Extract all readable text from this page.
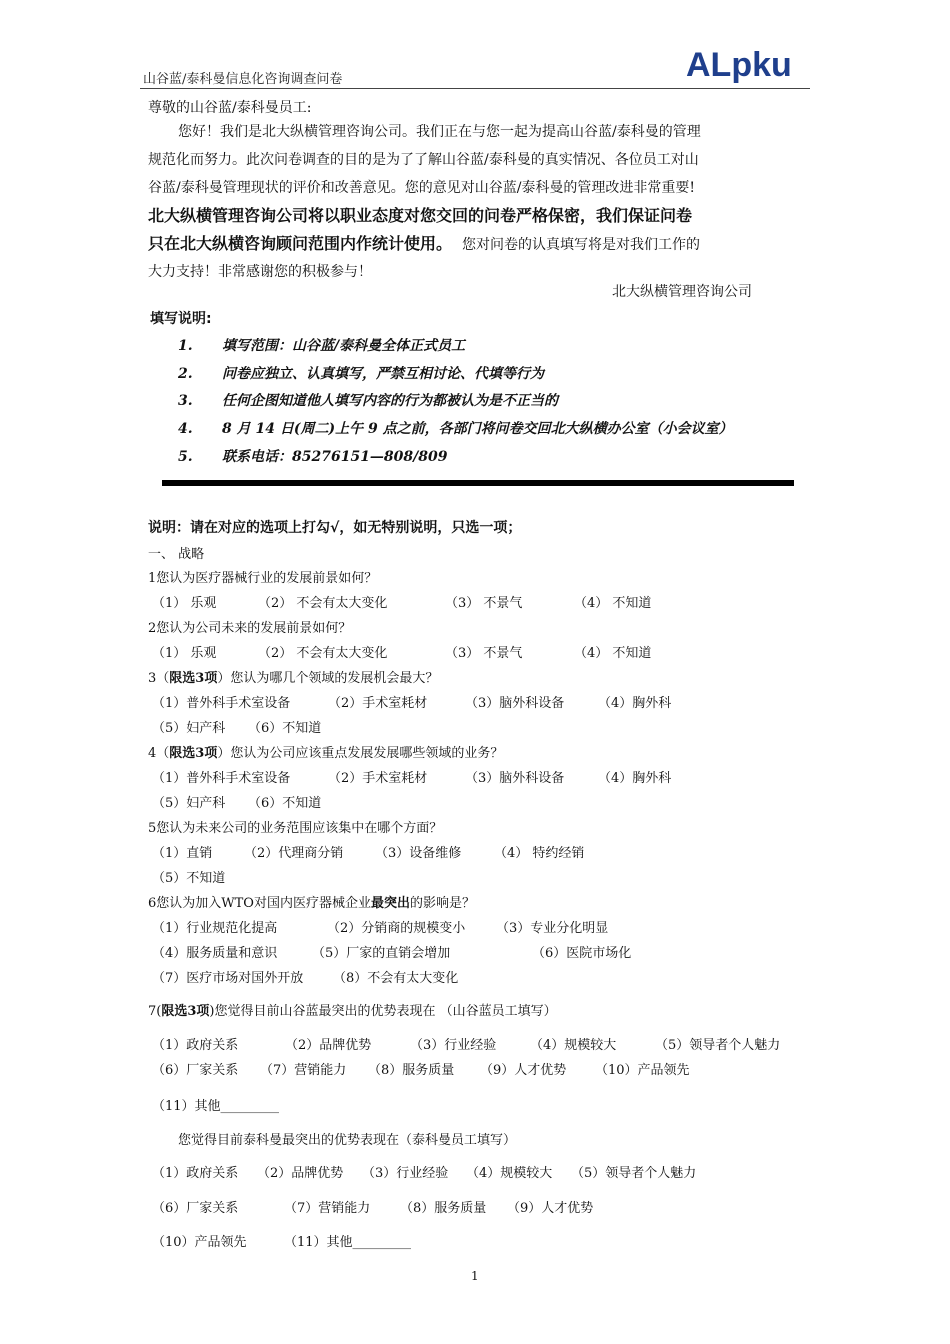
山谷蓝/泰科曼信息化咨询调查问卷	ALpku
尊敬的山谷蓝/泰科曼员工:
您好！我们是北大纵横管理咨询公司。我们正在与您一起为提高山谷蓝/泰科曼的管理
规范化而努力。此次问卷调查的目的是为了了解山谷蓝/泰科曼的真实情况、各位员工对山
谷蓝/泰科曼管理现状的评价和改善意见。您的意见对山谷蓝/泰科曼的管理改进非常重要!
北大纵横管理咨询公司将以职业态度对您交回的问卷严格保密，我们保证问卷
只在北大纵横咨询顾问范围内作统计使用。 您对问卷的认真填写将是对我们工作的
大力支持！非常感谢您的积极参与！
北大纵横管理咨询公司
填写说明:
1. 填写范围：山谷蓝/泰科曼全体正式员工
2. 问卷应独立、认真填写，严禁互相讨论、代填等行为
3. 任何企图知道他人填写内容的行为都被认为是不正当的
4. 8 月 14 日(周二)上午 9 点之前，各部门将问卷交回北大纵横办公室（小会议室）
5. 联系电话：85276151—808/809
说明：请在对应的选项上打勾√，如无特别说明，只选一项；
一、 战略
1您认为医疗器械行业的发展前景如何？
（1） 乐观	（2） 不会有太大变化	（3） 不景气	（4） 不知道
2您认为公司未来的发展前景如何？
（1） 乐观	（2） 不会有太大变化	（3） 不景气	（4） 不知道
3（限选3项）您认为哪几个领域的发展机会最大？
（1）普外科手术室设备	（2）手术室耗材	（3）脑外科设备	（4）胸外科
（5）妇产科 （6）不知道
4（限选3项）您认为公司应该重点发展发展哪些领域的业务？
（1）普外科手术室设备	（2）手术室耗材	（3）脑外科设备	（4）胸外科
（5）妇产科 （6）不知道
5您认为未来公司的业务范围应该集中在哪个方面？
（1）直销 （2）代理商分销 （3）设备维修	（4） 特约经销
（5）不知道
6您认为加入WTO对国内医疗器械企业最突出的影响是？
（1）行业规范化提高	（2）分销商的规模变小 （3）专业分化明显
（4）服务质量和意识	（5）厂家的直销会增加	（6）医院市场化
（7）医疗市场对国外开放 （8）不会有太大变化
7(限选3项)您觉得目前山谷蓝最突出的优势表现在 （山谷蓝员工填写）
（1）政府关系	（2）品牌优势	（3）行业经验	（4）规模较大	（5）领导者个人魅力
（6）厂家关系 （7）营销能力 （8）服务质量 （9）人才优势 （10）产品领先
（11）其他_________
您觉得目前泰科曼最突出的优势表现在（泰科曼员工填写）
（1）政府关系 （2）品牌优势 （3）行业经验 （4）规模较大 （5）领导者个人魅力
（6）厂家关系	（7）营销能力 （8）服务质量 （9）人才优势
（10）产品领先	（11）其他_________
1
